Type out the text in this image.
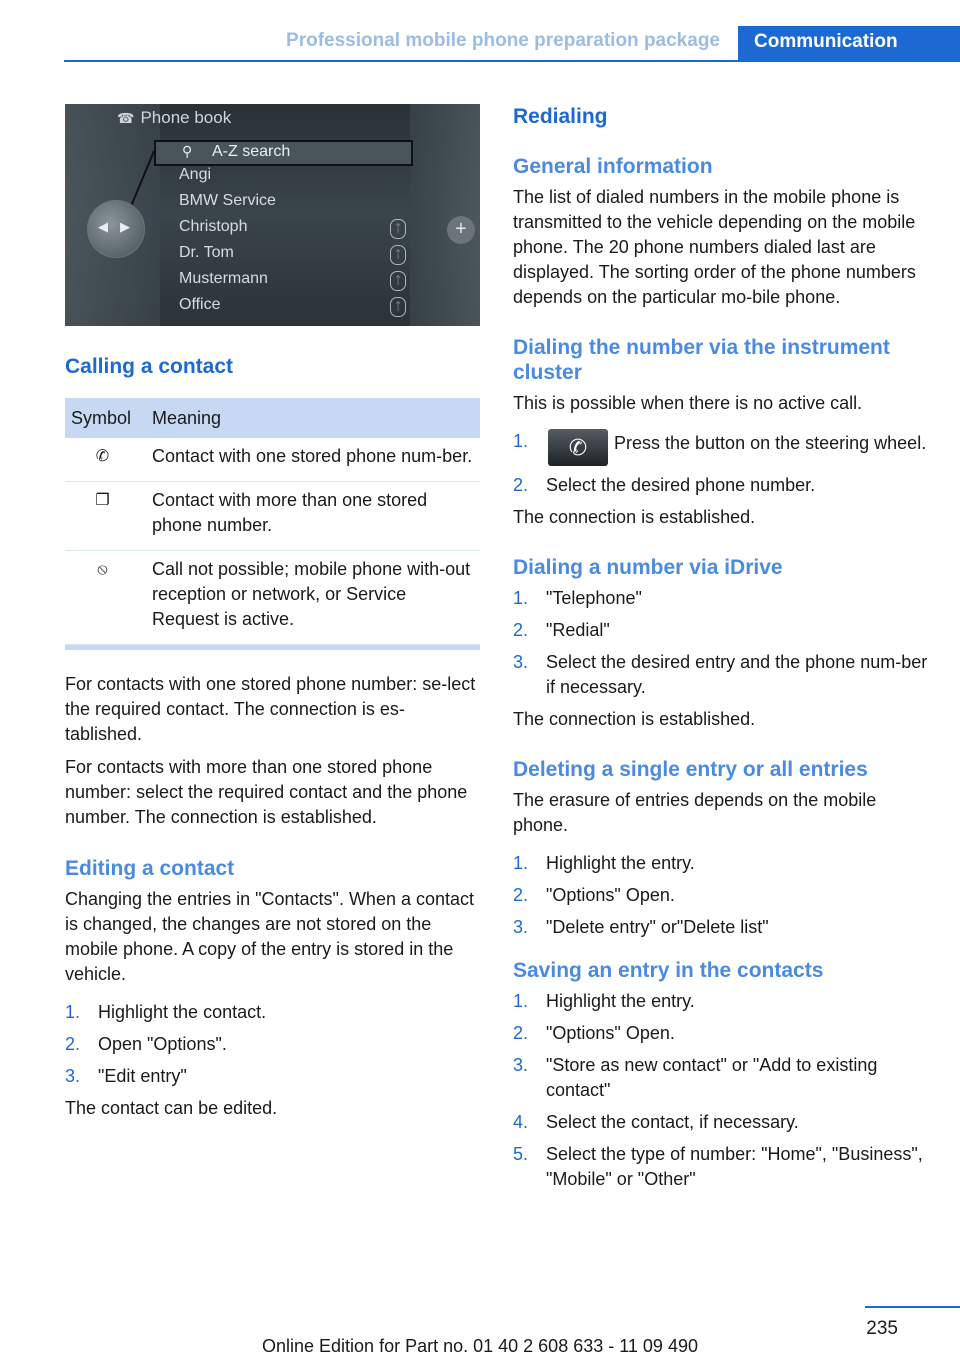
Professional mobile phone preparation package	Communication
☎ Phone book
⚲ A-Z search
Angi
BMW Service
Christoph
Dr. Tom
Mustermann
Office
ᛏ
ᛏ
ᛏ
ᛏ
◀ ▶	+
Calling a contact
Symbol	Meaning
✆	Contact with one stored phone num-ber.
❐	Contact with more than one stored phone number.
⦸	Call not possible; mobile phone with-out reception or network, or Service Request is active.

For contacts with one stored phone number: se-lect the required contact. The connection is es-tablished.

For contacts with more than one stored phone number: select the required contact and the phone number. The connection is established.

Editing a contact

Changing the entries in "Contacts". When a contact is changed, the changes are not stored on the mobile phone. A copy of the entry is stored in the vehicle.

1. Highlight the contact.
2. Open "Options".
3. "Edit entry"

The contact can be edited.

Redialing
General information

The list of dialed numbers in the mobile phone is transmitted to the vehicle depending on the mobile phone. The 20 phone numbers dialed last are displayed. The sorting order of the phone numbers depends on the particular mo-bile phone.

Dialing the number via the instrument cluster

This is possible when there is no active call.

1. ✆ Press the button on the steering wheel.
2. Select the desired phone number.

The connection is established.

Dialing a number via iDrive
1. "Telephone"
2. "Redial"
3. Select the desired entry and the phone num-ber if necessary.

The connection is established.

Deleting a single entry or all entries

The erasure of entries depends on the mobile phone.

1. Highlight the entry.
2. "Options" Open.
3. "Delete entry" or"Delete list"
Saving an entry in the contacts
1. Highlight the entry.
2. "Options" Open.
3. "Store as new contact" or "Add to existing contact"
4. Select the contact, if necessary.
5. Select the type of number: "Home", "Business", "Mobile" or "Other"
235
Online Edition for Part no. 01 40 2 608 633 - 11 09 490
